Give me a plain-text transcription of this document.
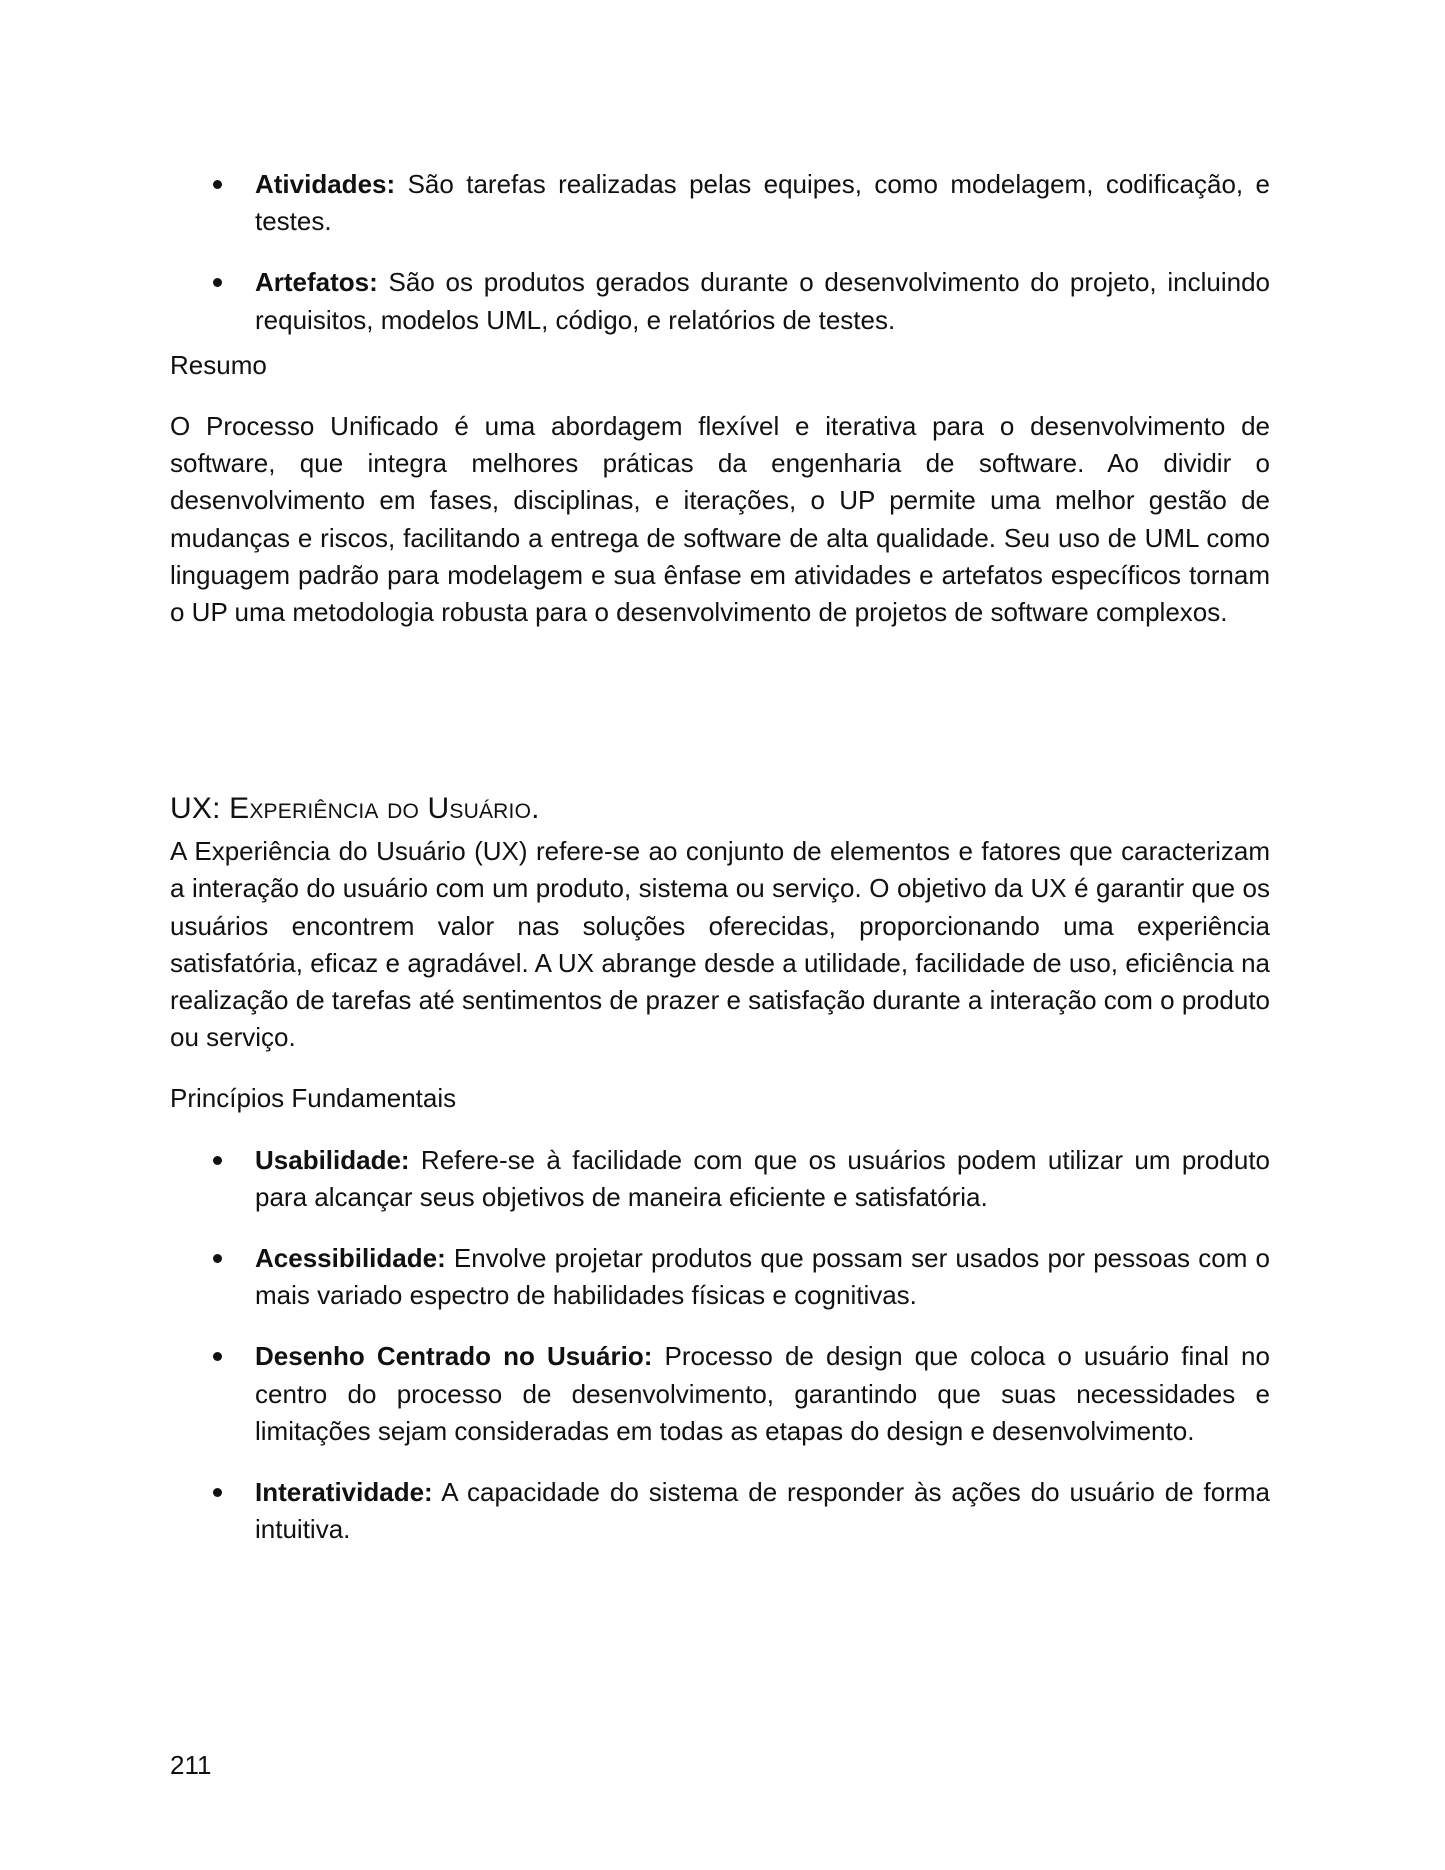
Atividades: São tarefas realizadas pelas equipes, como modelagem, codificação, e testes.
Artefatos: São os produtos gerados durante o desenvolvimento do projeto, incluindo requisitos, modelos UML, código, e relatórios de testes.

Resumo

O Processo Unificado é uma abordagem flexível e iterativa para o desenvolvimento de software, que integra melhores práticas da engenharia de software. Ao dividir o desenvolvimento em fases, disciplinas, e iterações, o UP permite uma melhor gestão de mudanças e riscos, facilitando a entrega de software de alta qualidade. Seu uso de UML como linguagem padrão para modelagem e sua ênfase em atividades e artefatos específicos tornam o UP uma metodologia robusta para o desenvolvimento de projetos de software complexos.

UX: Experiência do Usuário.

A Experiência do Usuário (UX) refere-se ao conjunto de elementos e fatores que caracterizam a interação do usuário com um produto, sistema ou serviço. O objetivo da UX é garantir que os usuários encontrem valor nas soluções oferecidas, proporcionando uma experiência satisfatória, eficaz e agradável. A UX abrange desde a utilidade, facilidade de uso, eficiência na realização de tarefas até sentimentos de prazer e satisfação durante a interação com o produto ou serviço.

Princípios Fundamentais

Usabilidade: Refere-se à facilidade com que os usuários podem utilizar um produto para alcançar seus objetivos de maneira eficiente e satisfatória.
Acessibilidade: Envolve projetar produtos que possam ser usados por pessoas com o mais variado espectro de habilidades físicas e cognitivas.
Desenho Centrado no Usuário: Processo de design que coloca o usuário final no centro do processo de desenvolvimento, garantindo que suas necessidades e limitações sejam consideradas em todas as etapas do design e desenvolvimento.
Interatividade: A capacidade do sistema de responder às ações do usuário de forma intuitiva.
211
